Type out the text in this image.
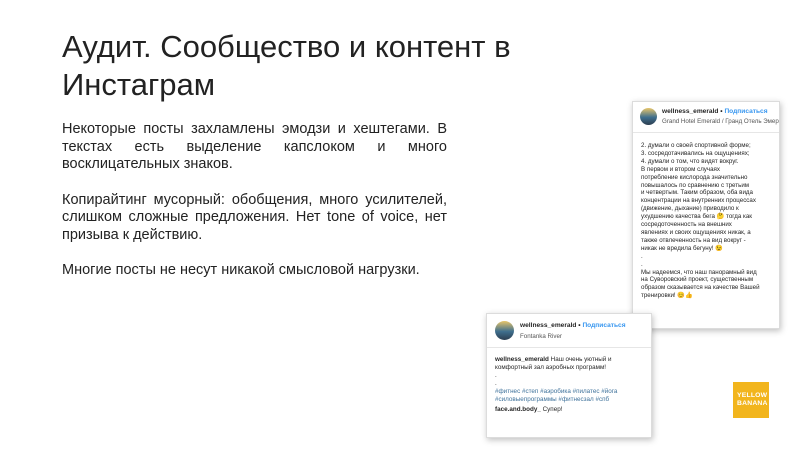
Аудит. Сообщество и контент в Инстаграм

Некоторые посты захламлены эмодзи и хештегами. В текстах есть выделение капслоком и много восклицательных знаков.

Копирайтинг мусорный: обобщения, много усилителей, слишком сложные предложения. Нет tone of voice, нет призыва к действию.

Многие посты не несут никакой смысловой нагрузки.

wellness_emerald • Подписаться
Grand Hotel Emerald / Гранд Отель Эмер
2. думали о своей спортивной форме;
3. сосредотачивались на ощущениях;
4. думали о том, что видят вокруг.
В первом и втором случаях
потребление кислорода значительно
повышалось по сравнению с третьим
и четвертым. Таким образом, оба вида
концентрации на внутренних процессах
(движение, дыхание) приводило к
ухудшению качества бега 🤔 тогда как
сосредоточенность на внешних
явлениях и своих ощущениях никак, а
также отвлеченность на вид вокруг -
никак не вредила бегуну! 😉
.
.
Мы надеемся, что наш панорамный вид
на Суворовский проект, существенным
образом сказывается на качестве Вашей
тренировки! 😊👍
wellness_emerald • Подписаться
Fontanka River
wellness_emerald Наш очень уютный и
комфортный зал аэробных программ!
.
.
#фитнес #степ #аэробика #пилатес #йога
#силовыепрограммы #фитнесзал #спб
face.and.body_ Супер!
YELLOW
BANANA
